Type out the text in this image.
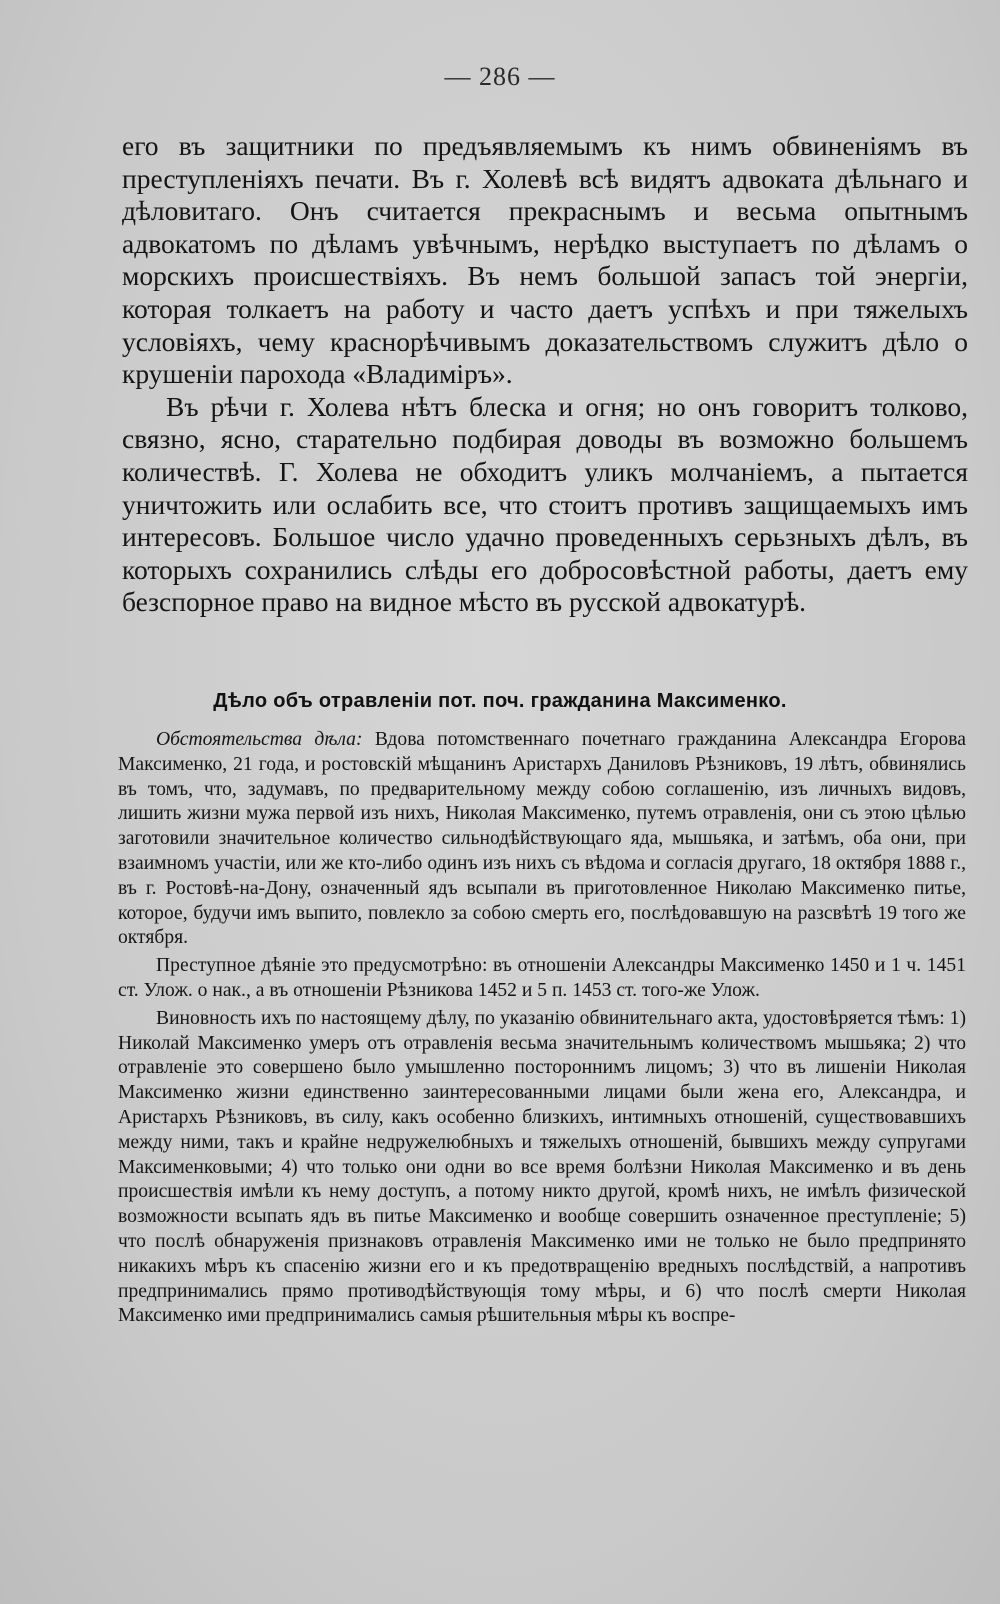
— 286 —

его въ защитники по предъявляемымъ къ нимъ обвиненіямъ въ преступленіяхъ печати. Въ г. Холевѣ всѣ видятъ адвоката дѣльнаго и дѣловитаго. Онъ считается прекраснымъ и весьма опытнымъ адвокатомъ по дѣламъ увѣчнымъ, нерѣдко выступаетъ по дѣламъ о морскихъ происшествіяхъ. Въ немъ большой запасъ той энергіи, которая толкаетъ на работу и часто даетъ успѣхъ и при тяжелыхъ условіяхъ, чему краснорѣчивымъ доказательствомъ служитъ дѣло о крушеніи парохода «Владиміръ».

Въ рѣчи г. Холева нѣтъ блеска и огня; но онъ говоритъ толково, связно, ясно, старательно подбирая доводы въ возможно большемъ количествѣ. Г. Холева не обходитъ уликъ молчаніемъ, а пытается уничтожить или ослабить все, что стоитъ противъ защищаемыхъ имъ интересовъ. Большое число удачно проведенныхъ серьзныхъ дѣлъ, въ которыхъ сохранились слѣды его добросовѣстной работы, даетъ ему безспорное право на видное мѣсто въ русской адвокатурѣ.

Дѣло объ отравленіи пот. поч. гражданина Максименко.

Обстоятельства дѣла: Вдова потомственнаго почетнаго гражданина Александра Егорова Максименко, 21 года, и ростовскій мѣщанинъ Аристархъ Даниловъ Рѣзниковъ, 19 лѣтъ, обвинялись въ томъ, что, задумавъ, по предварительному между собою соглашенію, изъ личныхъ видовъ, лишить жизни мужа первой изъ нихъ, Николая Максименко, путемъ отравленія, они съ этою цѣлью заготовили значительное количество сильнодѣйствующаго яда, мышьяка, и затѣмъ, оба они, при взаимномъ участіи, или же кто-либо одинъ изъ нихъ съ вѣдома и согласія другаго, 18 октября 1888 г., въ г. Ростовѣ-на-Дону, означенный ядъ всыпали въ приготовленное Николаю Максименко питье, которое, будучи имъ выпито, повлекло за собою смерть его, послѣдовавшую на разсвѣтѣ 19 того же октября.

Преступное дѣяніе это предусмотрѣно: въ отношеніи Александры Максименко 1450 и 1 ч. 1451 ст. Улож. о нак., а въ отношеніи Рѣзникова 1452 и 5 п. 1453 ст. того-же Улож.

Виновность ихъ по настоящему дѣлу, по указанію обвинительнаго акта, удостовѣряется тѣмъ: 1) Николай Максименко умеръ отъ отравленія весьма значительнымъ количествомъ мышьяка; 2) что отравленіе это совершено было умышленно постороннимъ лицомъ; 3) что въ лишеніи Николая Максименко жизни единственно заинтересованными лицами были жена его, Александра, и Аристархъ Рѣзниковъ, въ силу, какъ особенно близкихъ, интимныхъ отношеній, существовавшихъ между ними, такъ и крайне недружелюбныхъ и тяжелыхъ отношеній, бывшихъ между супругами Максименковыми; 4) что только они одни во все время болѣзни Николая Максименко и въ день происшествія имѣли къ нему доступъ, а потому никто другой, кромѣ нихъ, не имѣлъ физической возможности всыпать ядъ въ питье Максименко и вообще совершить означенное преступленіе; 5) что послѣ обнаруженія признаковъ отравленія Максименко ими не только не было предпринято никакихъ мѣръ къ спасенію жизни его и къ предотвращенію вредныхъ послѣдствій, а напротивъ предпринимались прямо противодѣйствующія тому мѣры, и 6) что послѣ смерти Николая Максименко ими предпринимались самыя рѣшительныя мѣры къ воспре-
